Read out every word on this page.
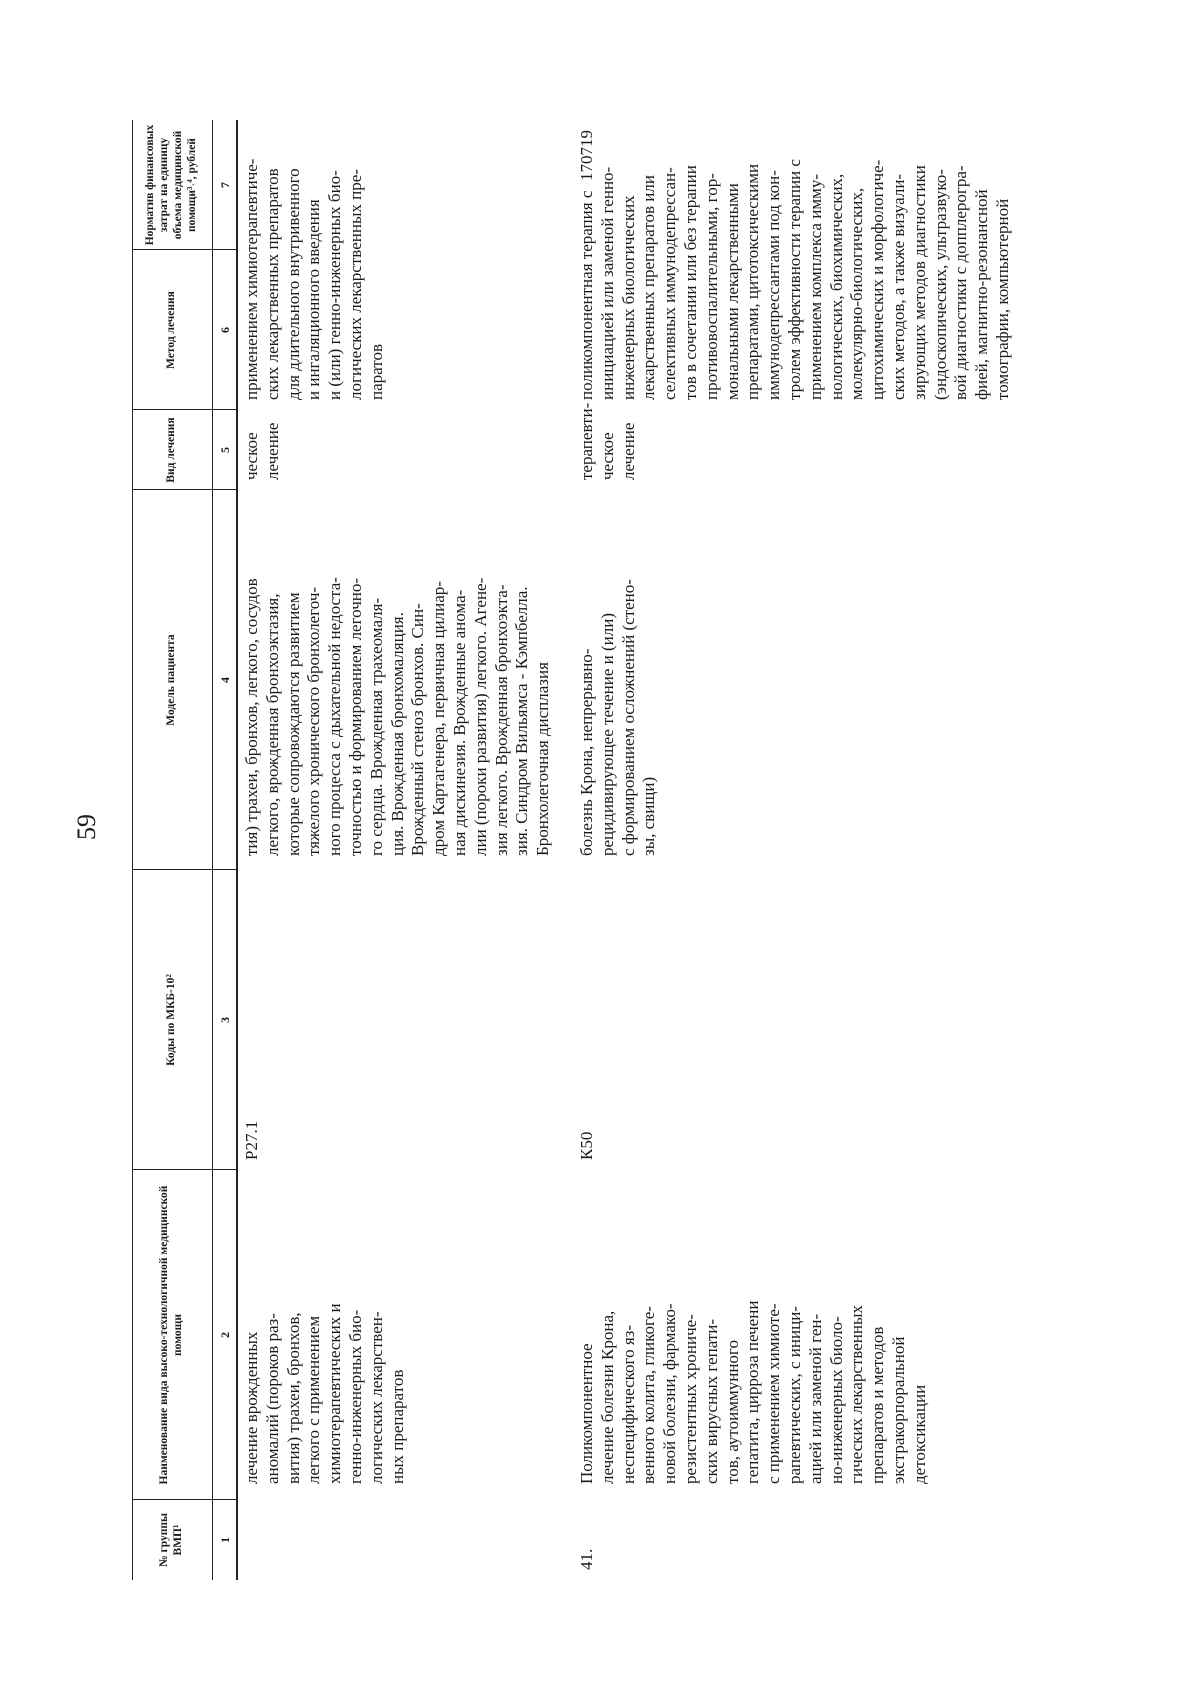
59
№ группы ВМП¹
Наименование вида высоко-технологичной медицинской помощи
Коды по МКБ-10²
Модель пациента
Вид лечения
Метод лечения
Норматив финансовых затрат на единицу объема медицинской помощи³˒⁴, рублей
1
2
3
4
5
6
7
лечение врожденных аномалий (пороков раз- вития) трахеи, бронхов, легкого с применением химиотерапевтических и генно-инженерных био- логических лекарствен- ных препаратов
Р27.1
тия) трахеи, бронхов, легкого, сосудов легкого, врожденная бронхоэктазия, которые сопровождаются развитием тяжелого хронического бронхолегоч- ного процесса с дыхательной недоста- точностью и формированием легочно- го сердца. Врожденная трахеомаля- ция. Врожденная бронхомаляция. Врожденный стеноз бронхов. Син- дром Картагенера, первичная цилиар- ная дискинезия. Врожденные анома- лии (пороки развития) легкого. Агене- зия легкого. Врожденная бронхоэкта- зия. Синдром Вильямса - Кэмпбелла. Бронхолегочная дисплазия
ческое лечение
применением химиотерапевтиче- ских лекарственных препаратов для длительного внутривенного и ингаляционного введения и (или) генно-инженерных био- логических лекарственных пре- паратов
41.
Поликомпонентное лечение болезни Крона, неспецифического яз- венного колита, гликоге- новой болезни, фармако- резистентных хрониче- ских вирусных гепати- тов, аутоиммунного гепатита, цирроза печени с применением химиоте- рапевтических, с иници- ацией или заменой ген- но-инженерных биоло- гических лекарственных препаратов и методов экстракорпоральной детоксикации
К50
болезнь Крона, непрерывно- рецидивирующее течение и (или) с формированием осложнений (стено- зы, свищи)
терапевти- ческое лечение
поликомпонентная терапия с инициацией или заменой генно- инженерных биологических лекарственных препаратов или селективных иммунодепрессан- тов в сочетании или без терапии противовоспалительными, гор- мональными лекарственными препаратами, цитотоксическими иммунодепрессантами под кон- тролем эффективности терапии с применением комплекса имму- нологических, биохимических, молекулярно-биологических, цитохимических и морфологиче- ских методов, а также визуали- зирующих методов диагностики (эндоскопических, ультразвуко- вой диагностики с допплерогра- фией, магнитно-резонансной томографии, компьютерной
170719
